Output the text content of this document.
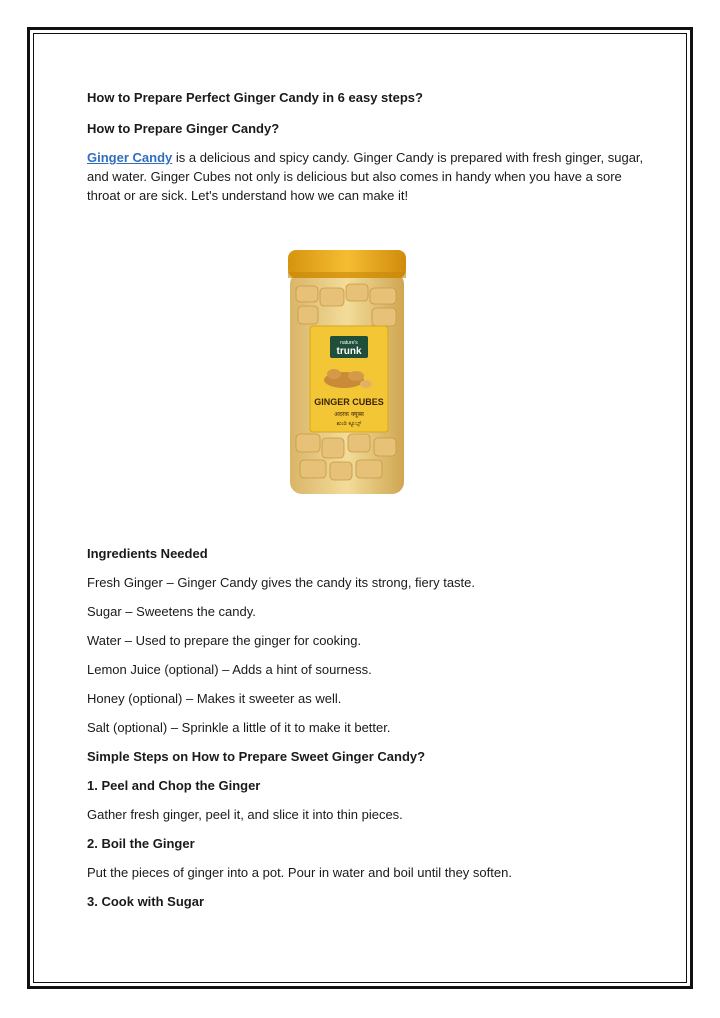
How to Prepare Perfect Ginger Candy in 6 easy steps?

How to Prepare Ginger Candy?

Ginger Candy is a delicious and spicy candy. Ginger Candy is prepared with fresh ginger, sugar, and water. Ginger Cubes not only is delicious but also comes in handy when you have a sore throat or are sick. Let's understand how we can make it!

nature's
trunk
GINGER CUBES
अदरक क्यूब्स
ಶುಂಠಿ ಕ್ಯೂಬ್ಸ್

Ingredients Needed

Fresh Ginger – Ginger Candy gives the candy its strong, fiery taste.

Sugar – Sweetens the candy.

Water – Used to prepare the ginger for cooking.

Lemon Juice (optional) – Adds a hint of sourness.

Honey (optional) – Makes it sweeter as well.

Salt (optional) – Sprinkle a little of it to make it better.

Simple Steps on How to Prepare Sweet Ginger Candy?

1. Peel and Chop the Ginger

Gather fresh ginger, peel it, and slice it into thin pieces.

2. Boil the Ginger

Put the pieces of ginger into a pot. Pour in water and boil until they soften.

3. Cook with Sugar
